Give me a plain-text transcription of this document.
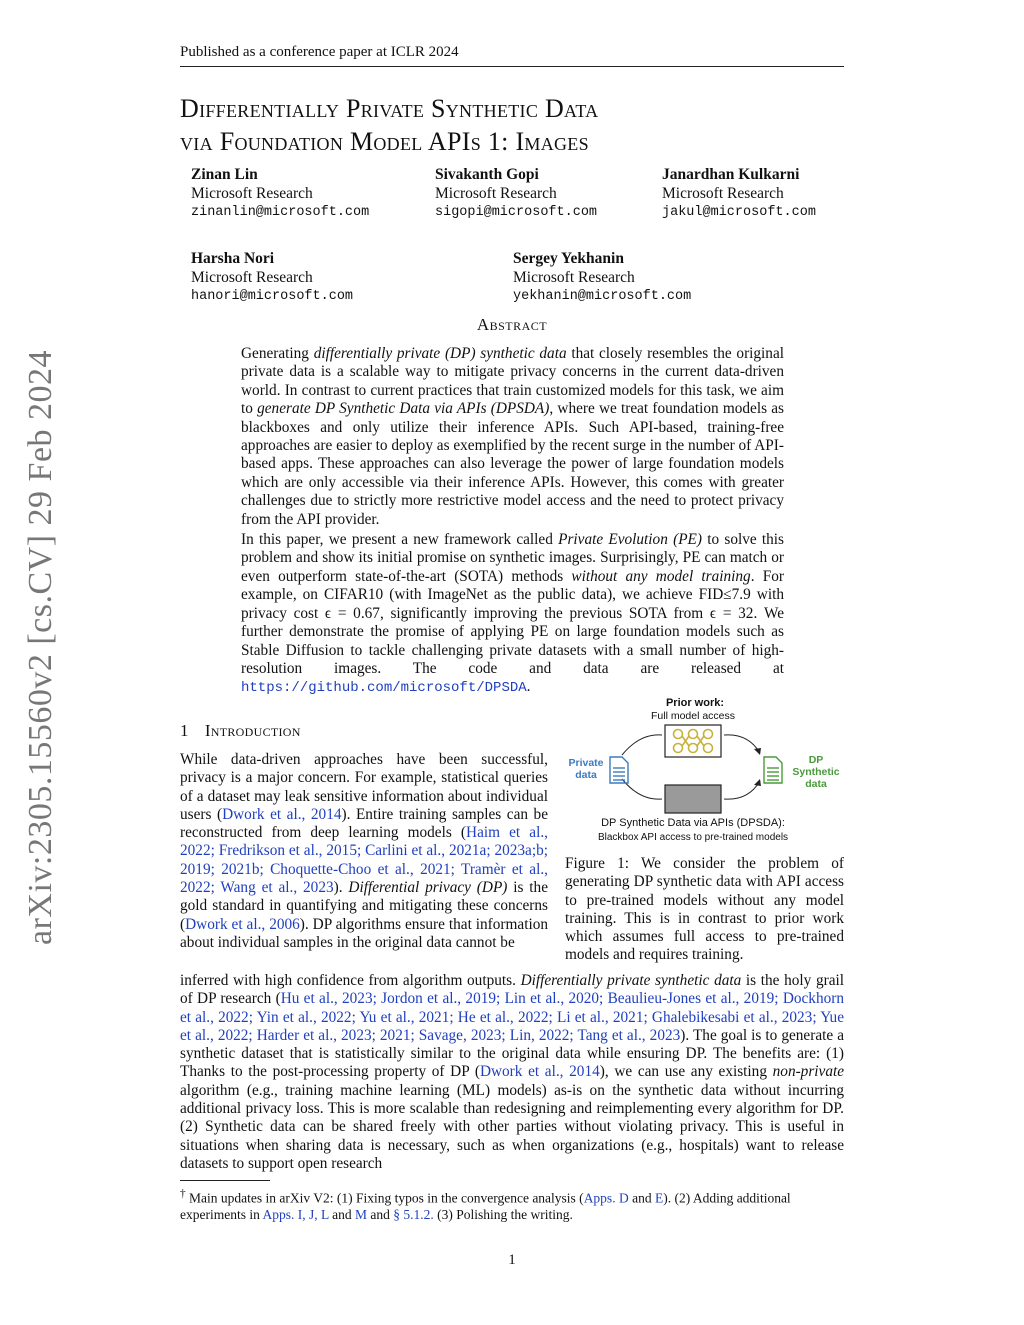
Published as a conference paper at ICLR 2024
arXiv:2305.15560v2 [cs.CV] 29 Feb 2024
Differentially Private Synthetic Data
via Foundation Model APIs 1: Images
Zinan Lin
Microsoft Research
zinanlin@microsoft.com
Sivakanth Gopi
Microsoft Research
sigopi@microsoft.com
Janardhan Kulkarni
Microsoft Research
jakul@microsoft.com
Harsha Nori
Microsoft Research
hanori@microsoft.com
Sergey Yekhanin
Microsoft Research
yekhanin@microsoft.com
Abstract

Generating differentially private (DP) synthetic data that closely resembles the original private data is a scalable way to mitigate privacy concerns in the current data-driven world. In contrast to current practices that train customized models for this task, we aim to generate DP Synthetic Data via APIs (DPSDA), where we treat foundation models as blackboxes and only utilize their inference APIs. Such API-based, training-free approaches are easier to deploy as exemplified by the recent surge in the number of API-based apps. These approaches can also leverage the power of large foundation models which are only accessible via their inference APIs. However, this comes with greater challenges due to strictly more restrictive model access and the need to protect privacy from the API provider.

In this paper, we present a new framework called Private Evolution (PE) to solve this problem and show its initial promise on synthetic images. Surprisingly, PE can match or even outperform state-of-the-art (SOTA) methods without any model training. For example, on CIFAR10 (with ImageNet as the public data), we achieve FID≤7.9 with privacy cost ϵ = 0.67, significantly improving the previous SOTA from ϵ = 32. We further demonstrate the promise of applying PE on large foundation models such as Stable Diffusion to tackle challenging private datasets with a small number of high-resolution images. The code and data are released at https://github.com/microsoft/DPSDA.

1 Introduction
While data-driven approaches have been successful, privacy is a major concern. For example, statistical queries of a dataset may leak sensitive information about individual users (Dwork et al., 2014). Entire training samples can be reconstructed from deep learning models (Haim et al., 2022; Fredrikson et al., 2015; Carlini et al., 2021a; 2023a;b; 2019; 2021b; Choquette-Choo et al., 2021; Tramèr et al., 2022; Wang et al., 2023). Differential privacy (DP) is the gold standard in quantifying and mitigating these concerns (Dwork et al., 2006). DP algorithms ensure that information about individual samples in the original data cannot be
Prior work:
Full model access
Private
data
DP
Synthetic
data
DP Synthetic Data via APIs (DPSDA):
Blackbox API access to pre-trained models
Figure 1: We consider the problem of generating DP synthetic data with API access to pre-trained models without any model training. This is in contrast to prior work which assumes full access to pre-trained models and requires training.
inferred with high confidence from algorithm outputs. Differentially private synthetic data is the holy grail of DP research (Hu et al., 2023; Jordon et al., 2019; Lin et al., 2020; Beaulieu-Jones et al., 2019; Dockhorn et al., 2022; Yin et al., 2022; Yu et al., 2021; He et al., 2022; Li et al., 2021; Ghalebikesabi et al., 2023; Yue et al., 2022; Harder et al., 2023; 2021; Savage, 2023; Lin, 2022; Tang et al., 2023). The goal is to generate a synthetic dataset that is statistically similar to the original data while ensuring DP. The benefits are: (1) Thanks to the post-processing property of DP (Dwork et al., 2014), we can use any existing non-private algorithm (e.g., training machine learning (ML) models) as-is on the synthetic data without incurring additional privacy loss. This is more scalable than redesigning and reimplementing every algorithm for DP. (2) Synthetic data can be shared freely with other parties without violating privacy. This is useful in situations when sharing data is necessary, such as when organizations (e.g., hospitals) want to release datasets to support open research
† Main updates in arXiv V2: (1) Fixing typos in the convergence analysis (Apps. D and E). (2) Adding additional experiments in Apps. I, J, L and M and § 5.1.2. (3) Polishing the writing.
1
